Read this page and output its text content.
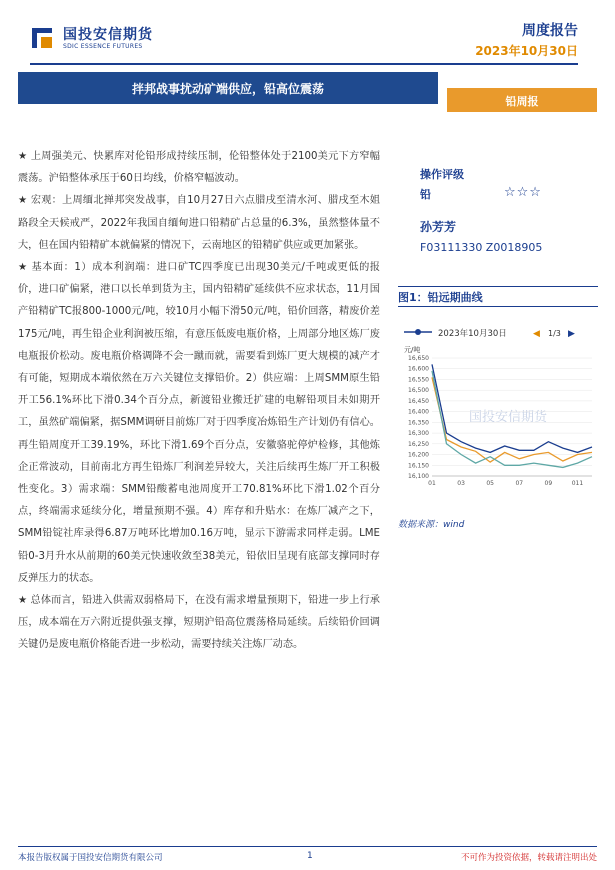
国投安信期货
SDIC ESSENCE FUTURES
周度报告
2023年10月30日
拌邦战事扰动矿端供应，铅高位震荡
铅周报

★ 上周强美元、快累库对伦铅形成持续压制，伦铅整体处于2100美元下方窄幅震荡。沪铅整体承压于60日均线，价格窄幅波动。

★ 宏观：上周缅北掸邦突发战事，自10月27日六点腊戌至清水河、腊戌至木姐路段全天候戒严，2022年我国自缅甸进口铅精矿占总量的6.3%，虽然整体量不大，但在国内铅精矿本就偏紧的情况下，云南地区的铅精矿供应或更加紧张。

★ 基本面：1）成本利润端：进口矿TC四季度已出现30美元/千吨或更低的报价，进口矿偏紧，港口以长单到货为主，国内铅精矿延续供不应求状态，11月国产铅精矿TC报800-1000元/吨，较10月小幅下滑50元/吨，铅价回落，精废价差175元/吨，再生铅企业利润被压缩，有意压低废电瓶价格，上周部分地区炼厂废电瓶报价松动。废电瓶价格调降不会一蹴而就，需要看到炼厂更大规模的减产才有可能，短期成本端依然在万六关键位支撑铅价。2）供应端：上周SMM原生铅开工56.1%环比下滑0.34个百分点，新渡铅业搬迁扩建的电解铅项目未如期开工，虽然矿端偏紧，据SMM调研目前炼厂对于四季度冶炼铅生产计划仍有信心。再生铅周度开工39.19%，环比下滑1.69个百分点，安徽骆驼停炉检修，其他炼企正常波动，目前南北方再生铅炼厂利润差异较大，关注后续再生炼厂开工积极性变化。3）需求端：SMM铅酸蓄电池周度开工70.81%环比下滑1.02个百分点，终端需求延续分化，增量预期不强。4）库存和升贴水：在炼厂减产之下，SMM铅锭社库录得6.87万吨环比增加0.16万吨，显示下游需求同样走弱。LME铅0-3月升水从前期的60美元快速收敛至38美元，铅依旧呈现有底部支撑同时存反弹压力的状态。

★ 总体而言，铅进入供需双弱格局下，在没有需求增量预期下，铅进一步上行承压，成本端在万六附近提供强支撑，短期沪铅高位震荡格局延续。后续铅价回调关键仍是废电瓶价格能否进一步松动，需要持续关注炼厂动态。

操作评级
铅	☆☆☆
孙芳芳
F03111330 Z0018905
图1：铅远期曲线
2023年10月30日	◀ 1/3 ▶
元/吨
国投安信期货
16,100
16,150
16,200
16,250
16,300
16,350
16,400
16,450
16,500
16,550
16,600
16,650
01	03	05	07	09	011
数据来源：wind
本报告版权属于国投安信期货有限公司	1	不可作为投资依据，转载请注明出处
